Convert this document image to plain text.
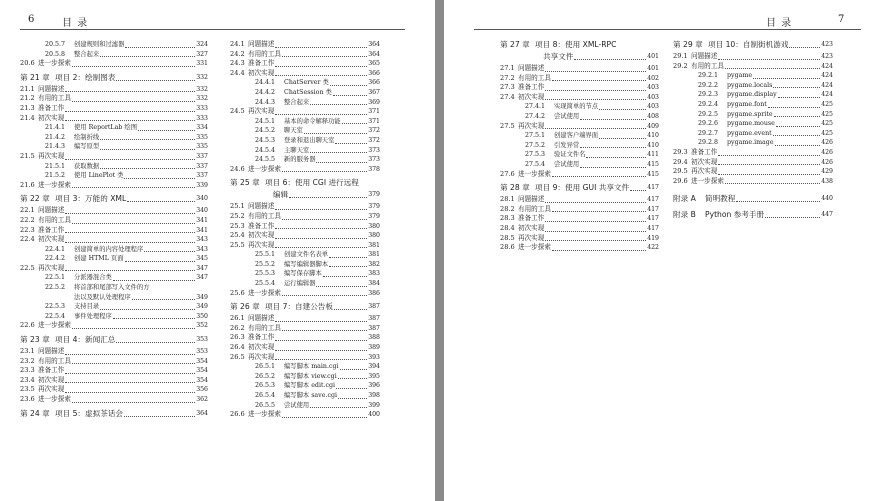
6	目 录
20.5.7	创建规则和过滤器	324
20.5.8	整合起来	327
20.6 进一步探索	331
第 21 章 项目 2：绘制图表	332
21.1 问题描述	332
21.2 有用的工具	332
21.3 准备工作	333
21.4 初次实现	333
21.4.1	使用 ReportLab 绘图	334
21.4.2	绘制折线	335
21.4.3	编写原型	335
21.5 再次实现	337
21.5.1	获取数据	337
21.5.2	使用 LinePlot 类	337
21.6 进一步探索	339
第 22 章 项目 3：万能的 XML	340
22.1 问题描述	340
22.2 有用的工具	341
22.3 准备工作	341
22.4 初次实现	343
22.4.1	创建简单的内容处理程序	343
22.4.2	创建 HTML 页面	345
22.5 再次实现	347
22.5.1	分派器混合类	347
22.5.2	将首部和尾部写入文件的方
法以及默认处理程序	349
22.5.3	支持目录	349
22.5.4	事件处理程序	350
22.6 进一步探索	352
第 23 章 项目 4：新闻汇总	353
23.1 问题描述	353
23.2 有用的工具	354
23.3 准备工作	354
23.4 初次实现	354
23.5 再次实现	356
23.6 进一步探索	362
第 24 章 项目 5：虚拟茶话会	364
24.1 问题描述	364
24.2 有用的工具	364
24.3 准备工作	365
24.4 初次实现	366
24.4.1	ChatServer 类	366
24.4.2	ChatSession 类	367
24.4.3	整合起来	369
24.5 再次实现	371
24.5.1	基本的命令解释功能	371
24.5.2	聊天室	372
24.5.3	登录和退出聊天室	372
24.5.4	主聊天室	373
24.5.5	新的服务器	373
24.6 进一步探索	378
第 25 章 项目 6：使用 CGI 进行远程
编辑	379
25.1 问题描述	379
25.2 有用的工具	379
25.3 准备工作	380
25.4 初次实现	380
25.5 再次实现	381
25.5.1	创建文件名表单	381
25.5.2	编写编辑器脚本	382
25.5.3	编写保存脚本	383
25.5.4	运行编辑器	384
25.6 进一步探索	386
第 26 章 项目 7：自建公告板	387
26.1 问题描述	387
26.2 有用的工具	387
26.3 准备工作	388
26.4 初次实现	389
26.5 再次实现	393
26.5.1	编写脚本 main.cgi	394
26.5.2	编写脚本 view.cgi	395
26.5.3	编写脚本 edit.cgi	396
26.5.4	编写脚本 save.cgi	398
26.5.5	尝试使用	399
26.6 进一步探索	400
目 录	7
第 27 章 项目 8：使用 XML-RPC
共享文件	401
27.1 问题描述	401
27.2 有用的工具	402
27.3 准备工作	403
27.4 初次实现	403
27.4.1	实现简单的节点	403
27.4.2	尝试使用	408
27.5 再次实现	409
27.5.1	创建客户端界面	410
27.5.2	引发异常	410
27.5.3	验证文件名	411
27.5.4	尝试使用	415
27.6 进一步探索	415
第 28 章 项目 9：使用 GUI 共享文件	417
28.1 问题描述	417
28.2 有用的工具	417
28.3 准备工作	417
28.4 初次实现	417
28.5 再次实现	419
28.6 进一步探索	422
第 29 章 项目 10：自制街机游戏	423
29.1 问题描述	423
29.2 有用的工具	424
29.2.1	pygame	424
29.2.2	pygame.locals	424
29.2.3	pygame.display	424
29.2.4	pygame.font	425
29.2.5	pygame.sprite	425
29.2.6	pygame.mouse	425
29.2.7	pygame.event	425
29.2.8	pygame.image	426
29.3 准备工作	426
29.4 初次实现	426
29.5 再次实现	429
29.6 进一步探索	438
附录 A	简明教程	440
附录 B	Python 参考手册	447
